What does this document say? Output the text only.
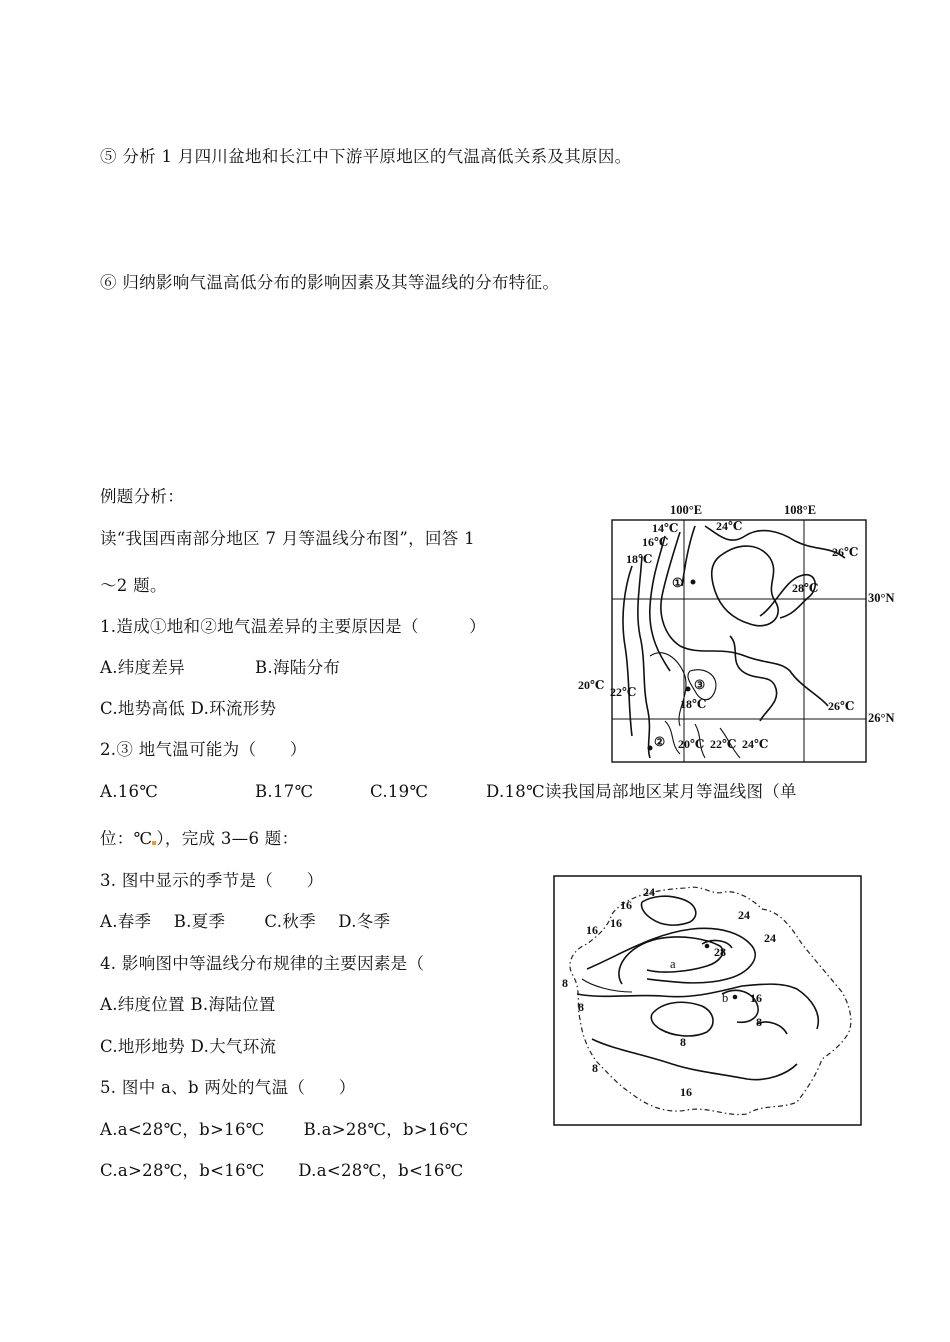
⑤ 分析 1 月四川盆地和长江中下游平原地区的气温高低关系及其原因。
⑥ 归纳影响气温高低分布的影响因素及其等温线的分布特征。
例题分析：
读“我国西南部分地区 7 月等温线分布图”，回答 1
～2 题。
1.造成①地和②地气温差异的主要原因是（　　　）
A.纬度差异	B.海陆分布
C.地势高低 D.环流形势
2.③ 地气温可能为（　　）
A.16℃	B.17℃	C.19℃	D.18℃读我国局部地区某月等温线图（单
位：℃ ），完成 3—6 题：
3. 图中显示的季节是（　　）
A.春季　 B.夏季　　 C.秋季　 D.冬季
4. 影响图中等温线分布规律的主要因素是（
A.纬度位置 B.海陆位置
C.地形地势 D.大气环流
5. 图中 a、b 两处的气温（　　）
A.a<28℃，b>16℃　　 B.a>28℃，b>16℃
C.a>28℃，b<16℃　　D.a<28℃，b<16℃
100°E	108°E
30°N
26°N
14℃
16℃
18℃
24℃
26℃
28℃
20℃ 22℃
18℃	26℃
20℃ 22℃ 24℃
①
②
③
16
24
16
16
24
24
28
8
8
8
16
8
8
16
a
b
